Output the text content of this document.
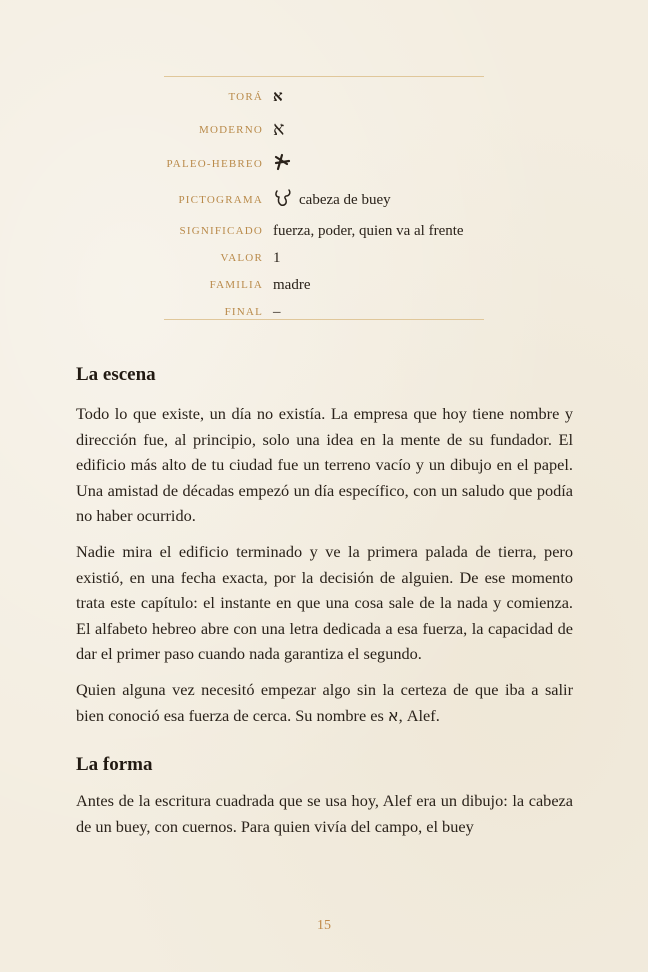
TORÁ א
MODERNO א
PALEO-HEBREO
PICTOGRAMA	cabeza de buey
SIGNIFICADO fuerza, poder, quien va al frente
VALOR 1
FAMILIA madre
FINAL –
La escena

Todo lo que existe, un día no existía. La empresa que hoy tiene nombre y dirección fue, al principio, solo una idea en la mente de su fundador. El edificio más alto de tu ciudad fue un terreno vacío y un dibujo en el papel. Una amistad de décadas empezó un día específico, con un saludo que podía no haber ocurrido.

Nadie mira el edificio terminado y ve la primera palada de tierra, pero existió, en una fecha exacta, por la decisión de alguien. De ese momento trata este capítulo: el instante en que una cosa sale de la nada y comienza. El alfabeto hebreo abre con una letra dedicada a esa fuerza, la capacidad de dar el primer paso cuando nada garantiza el segundo.

Quien alguna vez necesitó empezar algo sin la certeza de que iba a salir bien conoció esa fuerza de cerca. Su nombre es א, Alef.

La forma

Antes de la escritura cuadrada que se usa hoy, Alef era un dibujo: la cabeza de un buey, con cuernos. Para quien vivía del campo, el buey

15
